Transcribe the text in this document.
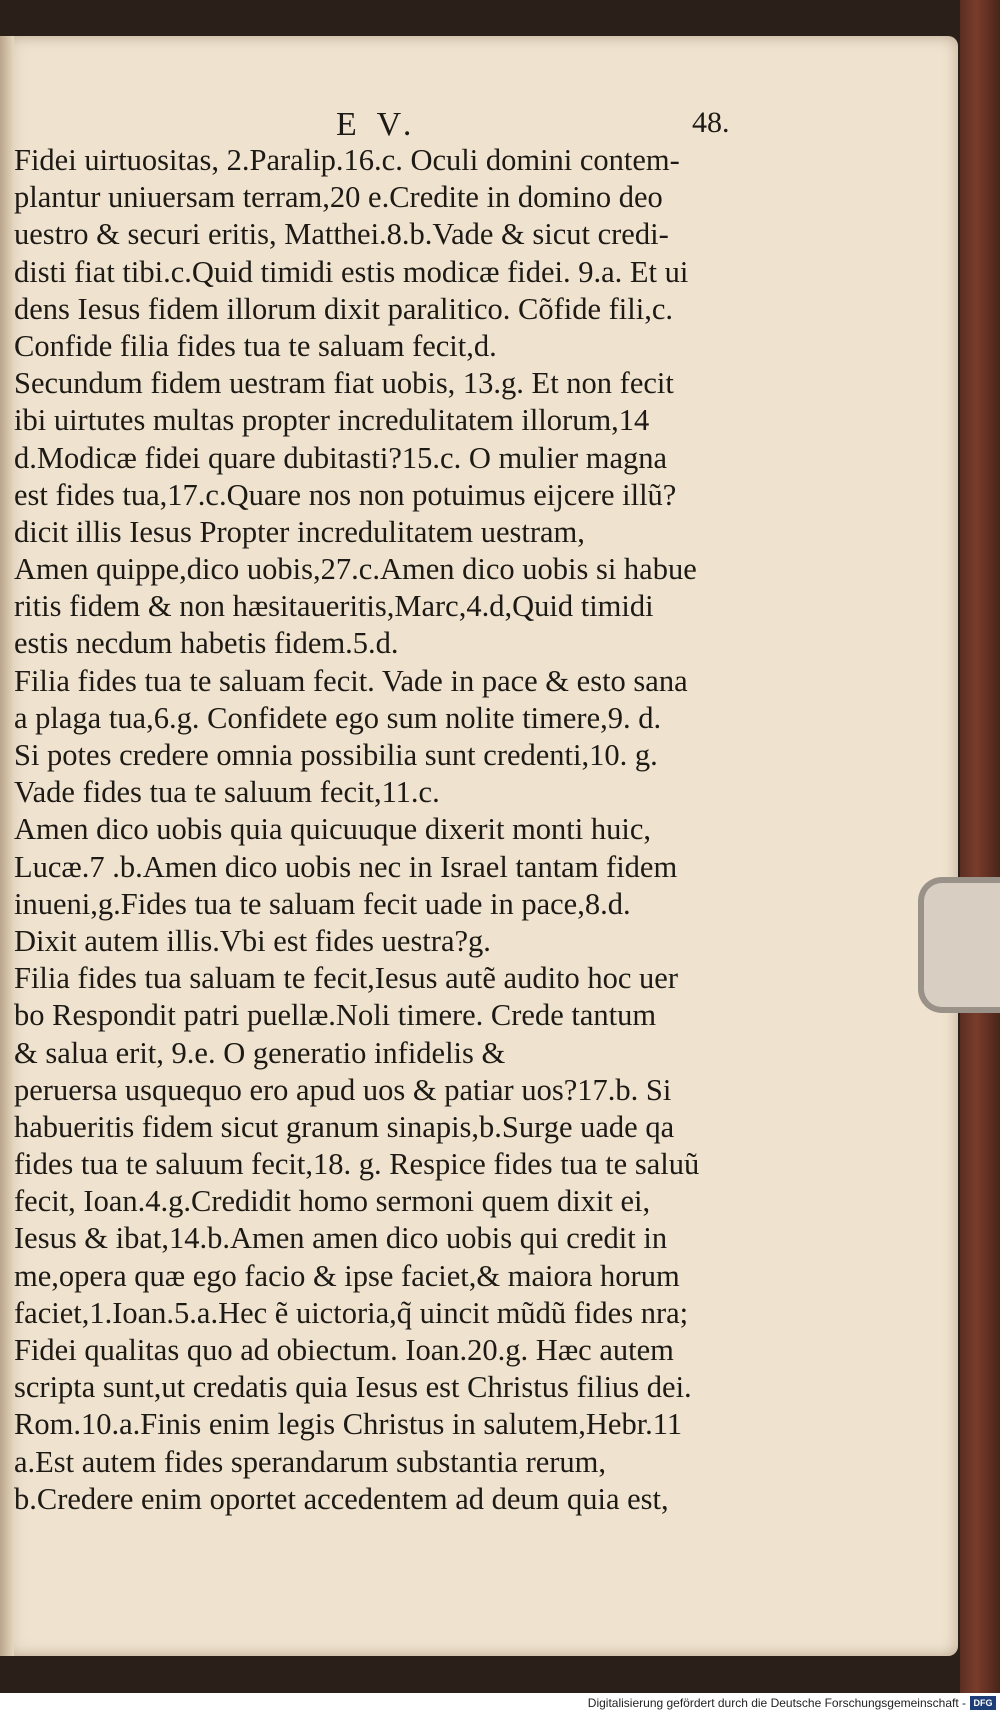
E V.	48.
Fidei uirtuositas, 2.Paralip.16.c. Oculi domini contem-
plantur uniuersam terram,20 e.Credite in domino deo
uestro & securi eritis, Matthei.8.b.Vade & sicut credi-
disti fiat tibi.c.Quid timidi estis modicæ fidei. 9.a. Et ui
dens Iesus fidem illorum dixit paralitico. Cõfide fili,c.
Confide filia fides tua te saluam fecit,d.
Secundum fidem uestram fiat uobis, 13.g. Et non fecit
ibi uirtutes multas propter incredulitatem illorum,14
d.Modicæ fidei quare dubitasti?15.c. O mulier magna
est fides tua,17.c.Quare nos non potuimus eijcere illũ?
dicit illis Iesus Propter incredulitatem uestram,
Amen quippe,dico uobis,27.c.Amen dico uobis si habue
ritis fidem & non hæsitaueritis,Marc,4.d,Quid timidi
estis necdum habetis fidem.5.d.
Filia fides tua te saluam fecit. Vade in pace & esto sana
a plaga tua,6.g. Confidete ego sum nolite timere,9. d.
Si potes credere omnia possibilia sunt credenti,10. g.
Vade fides tua te saluum fecit,11.c.
Amen dico uobis quia quicuuque dixerit monti huic,
Lucæ.7 .b.Amen dico uobis nec in Israel tantam fidem
inueni,g.Fides tua te saluam fecit uade in pace,8.d.
Dixit autem illis.Vbi est fides uestra?g.
Filia fides tua saluam te fecit,Iesus autẽ audito hoc uer
bo Respondit patri puellæ.Noli timere. Crede tantum
& salua erit, 9.e. O generatio infidelis &
peruersa usquequo ero apud uos & patiar uos?17.b. Si
habueritis fidem sicut granum sinapis,b.Surge uade qa
fides tua te saluum fecit,18. g. Respice fides tua te saluũ
fecit, Ioan.4.g.Credidit homo sermoni quem dixit ei,
Iesus & ibat,14.b.Amen amen dico uobis qui credit in
me,opera quæ ego facio & ipse faciet,& maiora horum
faciet,1.Ioan.5.a.Hec ẽ uictoria,q̃ uincit mũdũ fides nra;
Fidei qualitas quo ad obiectum. Ioan.20.g. Hæc autem
scripta sunt,ut credatis quia Iesus est Christus filius dei.
Rom.10.a.Finis enim legis Christus in salutem,Hebr.11
a.Est autem fides sperandarum substantia rerum,
b.Credere enim oportet accedentem ad deum quia est,
Digitalisierung gefördert durch die Deutsche Forschungsgemeinschaft - DFG
